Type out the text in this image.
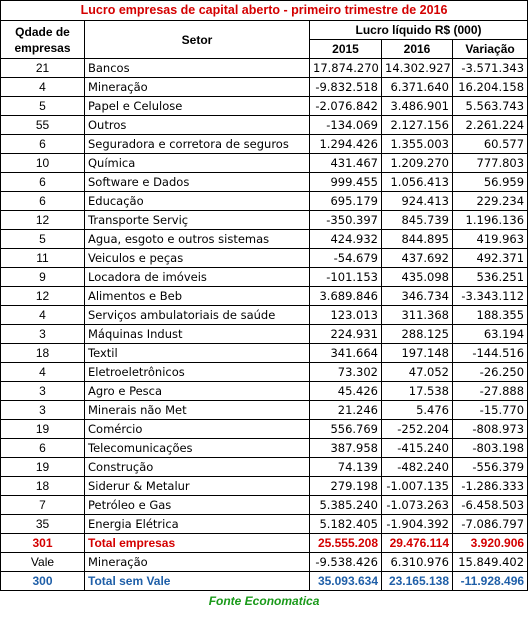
Lucro empresas de capital aberto - primeiro trimestre de 2016				
Qdade de
empresas	Setor	Lucro líquido R$ (000)		
		2015	2016	Variação
21	Bancos	17.874.270	14.302.927	-3.571.343
4	Mineração	-9.832.518	6.371.640	16.204.158
5	Papel e Celulose	-2.076.842	3.486.901	5.563.743
55	Outros	-134.069	2.127.156	2.261.224
6	Seguradora e corretora de seguros	1.294.426	1.355.003	60.577
10	Química	431.467	1.209.270	777.803
6	Software e Dados	999.455	1.056.413	56.959
6	Educação	695.179	924.413	229.234
12	Transporte Serviç	-350.397	845.739	1.196.136
5	Agua, esgoto e outros sistemas	424.932	844.895	419.963
11	Veiculos e peças	-54.679	437.692	492.371
9	Locadora de imóveis	-101.153	435.098	536.251
12	Alimentos e Beb	3.689.846	346.734	-3.343.112
4	Serviços ambulatoriais de saúde	123.013	311.368	188.355
3	Máquinas Indust	224.931	288.125	63.194
18	Textil	341.664	197.148	-144.516
4	Eletroeletrônicos	73.302	47.052	-26.250
3	Agro e Pesca	45.426	17.538	-27.888
3	Minerais não Met	21.246	5.476	-15.770
19	Comércio	556.769	-252.204	-808.973
6	Telecomunicações	387.958	-415.240	-803.198
19	Construção	74.139	-482.240	-556.379
18	Siderur & Metalur	279.198	-1.007.135	-1.286.333
7	Petróleo e Gas	5.385.240	-1.073.263	-6.458.503
35	Energia Elétrica	5.182.405	-1.904.392	-7.086.797
301	Total empresas	25.555.208	29.476.114	3.920.906
Vale	Mineração	-9.538.426	6.310.976	15.849.402
300	Total sem Vale	35.093.634	23.165.138	-11.928.496
Fonte Economatica				
